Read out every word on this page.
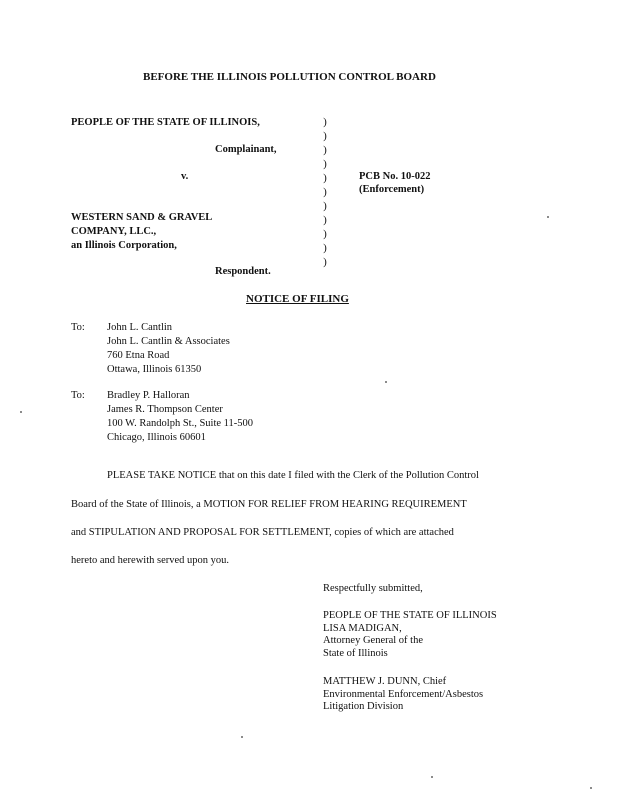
BEFORE THE ILLINOIS POLLUTION CONTROL BOARD
PEOPLE OF THE STATE OF ILLINOIS,
Complainant,
v.
WESTERN SAND & GRAVEL
COMPANY, LLC.,
an Illinois Corporation,
Respondent.
)
)
)
)
)
)
)
)
)
)
)
PCB No. 10-022
(Enforcement)
NOTICE OF FILING
To: John L. Cantlin
John L. Cantlin & Associates
760 Etna Road
Ottawa, Illinois 61350
To: Bradley P. Halloran
James R. Thompson Center
100 W. Randolph St., Suite 11-500
Chicago, Illinois 60601
PLEASE TAKE NOTICE that on this date I filed with the Clerk of the Pollution Control
Board of the State of Illinois, a MOTION FOR RELIEF FROM HEARING REQUIREMENT
and STIPULATION AND PROPOSAL FOR SETTLEMENT, copies of which are attached
hereto and herewith served upon you.
Respectfully submitted,
PEOPLE OF THE STATE OF ILLINOIS
LISA MADIGAN,
Attorney General of the
State of Illinois
MATTHEW J. DUNN, Chief
Environmental Enforcement/Asbestos
Litigation Division
